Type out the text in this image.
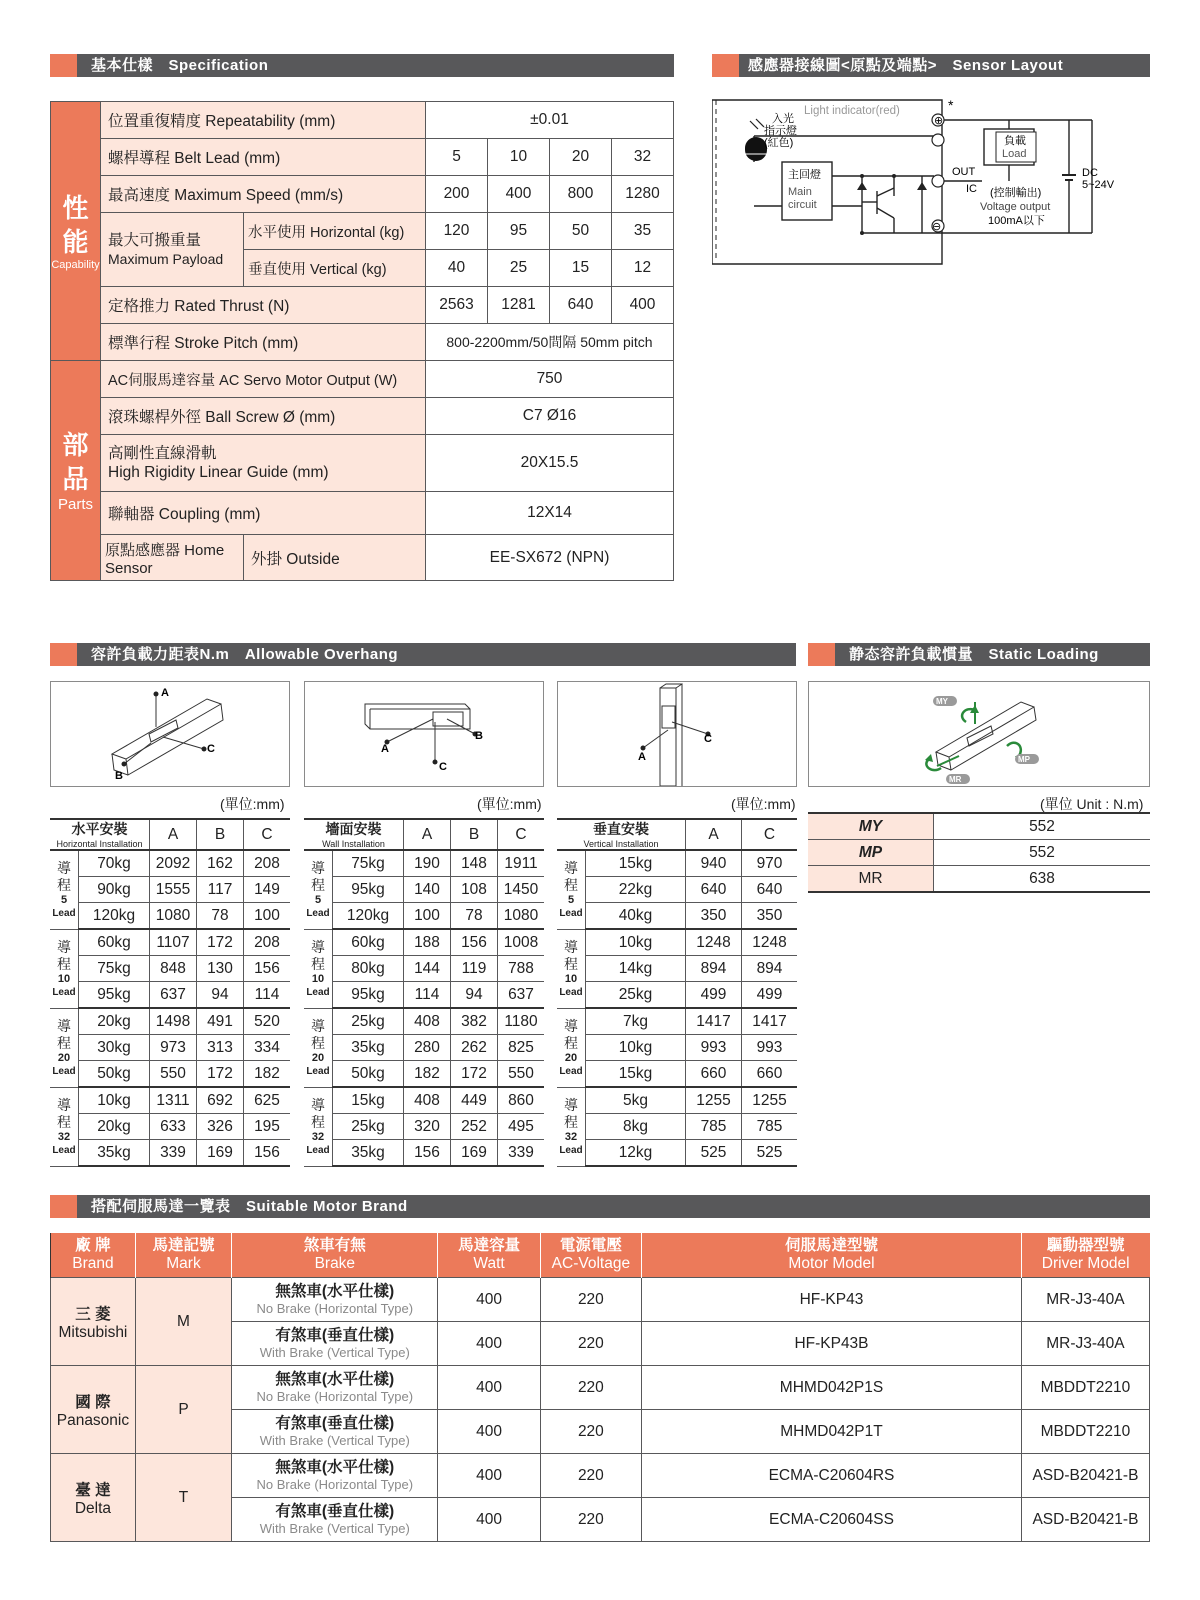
基本仕樣　Specification
性
能
Capability	位置重復精度 Repeatability (mm)		±0.01			
	螺桿導程 Belt Lead (mm)		5	10	20	32
	最高速度 Maximum Speed (mm/s)		200	400	800	1280

	最大可搬重量
Maximum Payload	水平使用 Horizontal (kg)	120	95	50	35
		垂直使用 Vertical (kg)	40	25	15	12
	定格推力 Rated Thrust (N)		2563	1281	640	400
	標準行程 Stroke Pitch (mm)		800-2200mm/50間隔 50mm pitch			

部
品
Parts	AC伺服馬達容量 AC Servo Motor Output (W)		750			
	滾珠螺桿外徑 Ball Screw Ø (mm)		C7 Ø16			

	高剛性直線滑軌
High Rigidity Linear Guide (mm)		20X15.5			
	聯軸器 Coupling (mm)		12X14			
	原點感應器 Home Sensor	外掛 Outside	EE-SX672 (NPN)			
感應器接線圖<原點及端點>　Sensor Layout
⊕
⊖
*
入光
指示燈
(紅色)
Light indicator(red)
主回燈
Main
circuit
負載
Load
OUT
IC (控制輸出)
Voltage output
100mA以下
DC
5~24V
容許負載力距表N.m　Allowable Overhang
A
C
B
A
C
B
A
C
(單位:mm)	(單位:mm)	(單位:mm)
水平安裝
Horizontal Installation		A	B	C

導
程
5
Lead	70kg	2092	162	208
	90kg	1555	117	149
	120kg	1080	78	100

導
程
10
Lead	60kg	1107	172	208
	75kg	848	130	156
	95kg	637	94	114

導
程
20
Lead	20kg	1498	491	520
	30kg	973	313	334
	50kg	550	172	182

導
程
32
Lead	10kg	1311	692	625
	20kg	633	326	195
	35kg	339	169	156
墻面安裝
Wall Installation		A	B	C

導
程
5
Lead	75kg	190	148	1911
	95kg	140	108	1450
	120kg	100	78	1080

導
程
10
Lead	60kg	188	156	1008
	80kg	144	119	788
	95kg	114	94	637

導
程
20
Lead	25kg	408	382	1180
	35kg	280	262	825
	50kg	182	172	550

導
程
32
Lead	15kg	408	449	860
	25kg	320	252	495
	35kg	156	169	339
垂直安裝
Vertical Installation		A	C

導
程
5
Lead	15kg	940	970
	22kg	640	640
	40kg	350	350

導
程
10
Lead	10kg	1248	1248
	14kg	894	894
	25kg	499	499

導
程
20
Lead	7kg	1417	1417
	10kg	993	993
	15kg	660	660

導
程
32
Lead	5kg	1255	1255
	8kg	785	785
	12kg	525	525
静态容許負載慣量　Static Loading
MY
MP
MR
(單位 Unit : N.m)
MY	552
MP	552
MR	638
搭配伺服馬達一覽表　Suitable Motor Brand
廠 牌
Brand	馬達記號
Mark	煞車有無
Brake	馬達容量
Watt	電源電壓
AC-Voltage	伺服馬達型號
Motor Model	驅動器型號
Driver Model

三 菱
Mitsubishi	M	無煞車(水平仕樣)
No Brake (Horizontal Type)	400	220	HF-KP43	MR-J3-40A

		有煞車(垂直仕樣)
With Brake (Vertical Type)	400	220	HF-KP43B	MR-J3-40A

國 際
Panasonic	P	無煞車(水平仕樣)
No Brake (Horizontal Type)	400	220	MHMD042P1S	MBDDT2210

		有煞車(垂直仕樣)
With Brake (Vertical Type)	400	220	MHMD042P1T	MBDDT2210

臺 達
Delta	T	無煞車(水平仕樣)
No Brake (Horizontal Type)	400	220	ECMA-C20604RS	ASD-B20421-B

		有煞車(垂直仕樣)
With Brake (Vertical Type)	400	220	ECMA-C20604SS	ASD-B20421-B
